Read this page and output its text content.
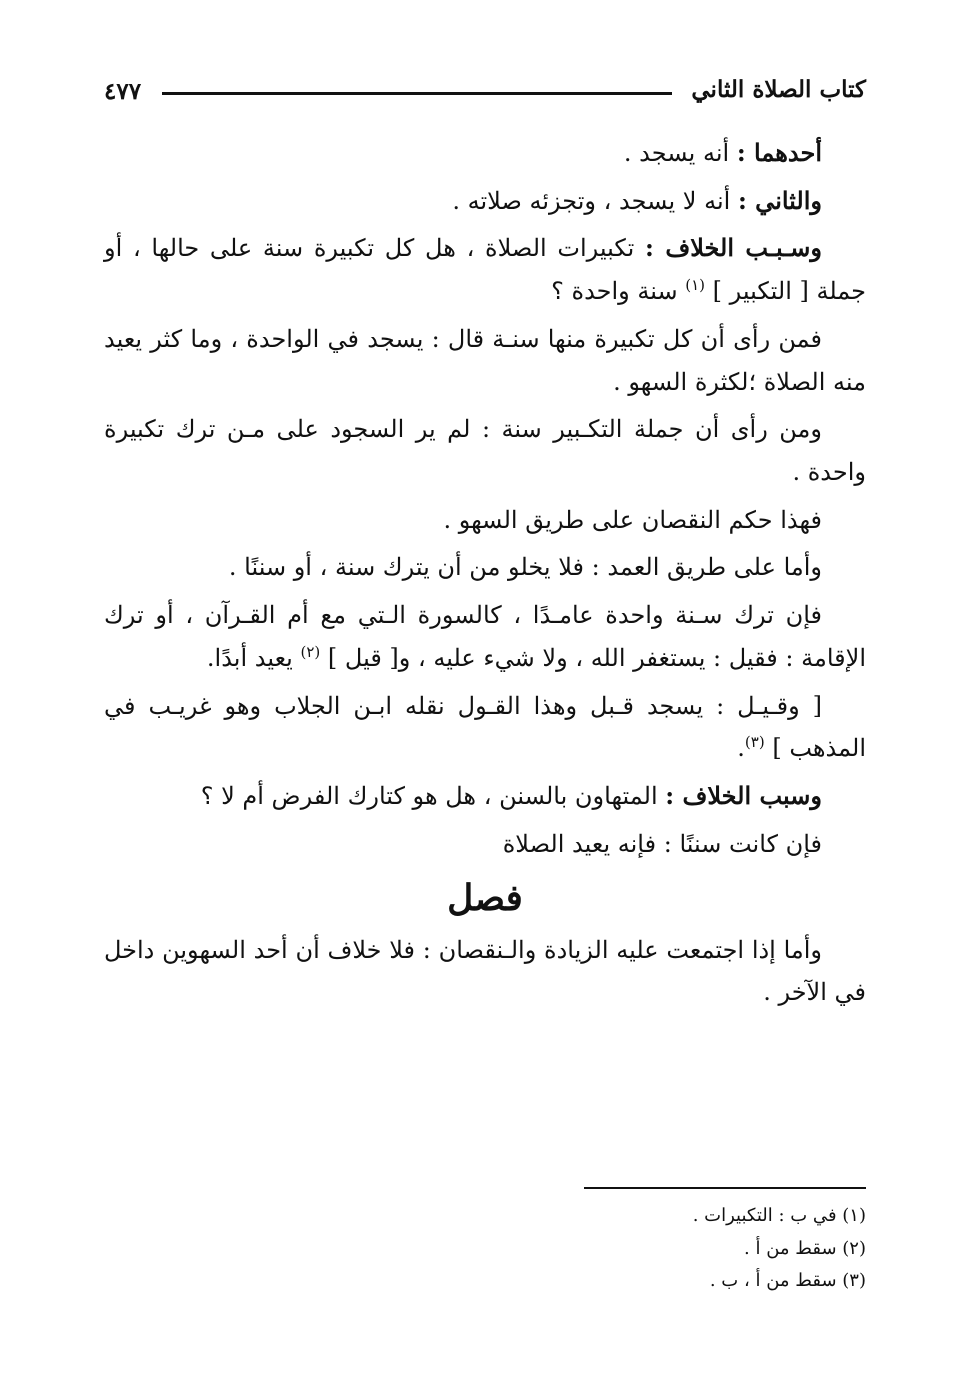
كتاب الصلاة الثاني
٤٧٧

أحدهما : أنه يسجد .

والثاني : أنه لا يسجد ، وتجزئه صلاته .

وسـبـب الخلاف : تكبيرات الصلاة ، هل كل تكبيرة سنة على حالها ، أو جملة [ التكبير ] $^{(١)}$ سنة واحدة ؟

فمن رأى أن كل تكبيرة منها سنـة قال : يسجد في الواحدة ، وما كثر يعيد منه الصلاة ؛لكثرة السهو .

ومن رأى أن جملة التكـبير سنة : لم ير السجود على مـن ترك تكبيرة واحدة .

فهذا حكم النقصان على طريق السهو .

وأما على طريق العمد : فلا يخلو من أن يترك سنة ، أو سننًا .

فإن ترك سـنة واحدة عامـدًا ، كالسورة الـتي مع أم القـرآن ، أو ترك الإقامة : فقيل : يستغفر الله ، ولا شيء عليه ، و[ قيل ] $^{(٢)}$ يعيد أبدًا.

[ وقـيـل : يسجد قـبل وهذا القـول نقله ابـن الجلاب وهو غريـب في المذهب ] $^{(٣)}$.

وسبب الخلاف : المتهاون بالسنن ، هل هو كتارك الفرض أم لا ؟

فإن كانت سننًا : فإنه يعيد الصلاة

فصل

وأما إذا اجتمعت عليه الزيادة والـنقصان : فلا خلاف أن أحد السهوين داخل في الآخر .

(١) في ب : التكبيرات .
(٢) سقط من أ .
(٣) سقط من أ ، ب .
